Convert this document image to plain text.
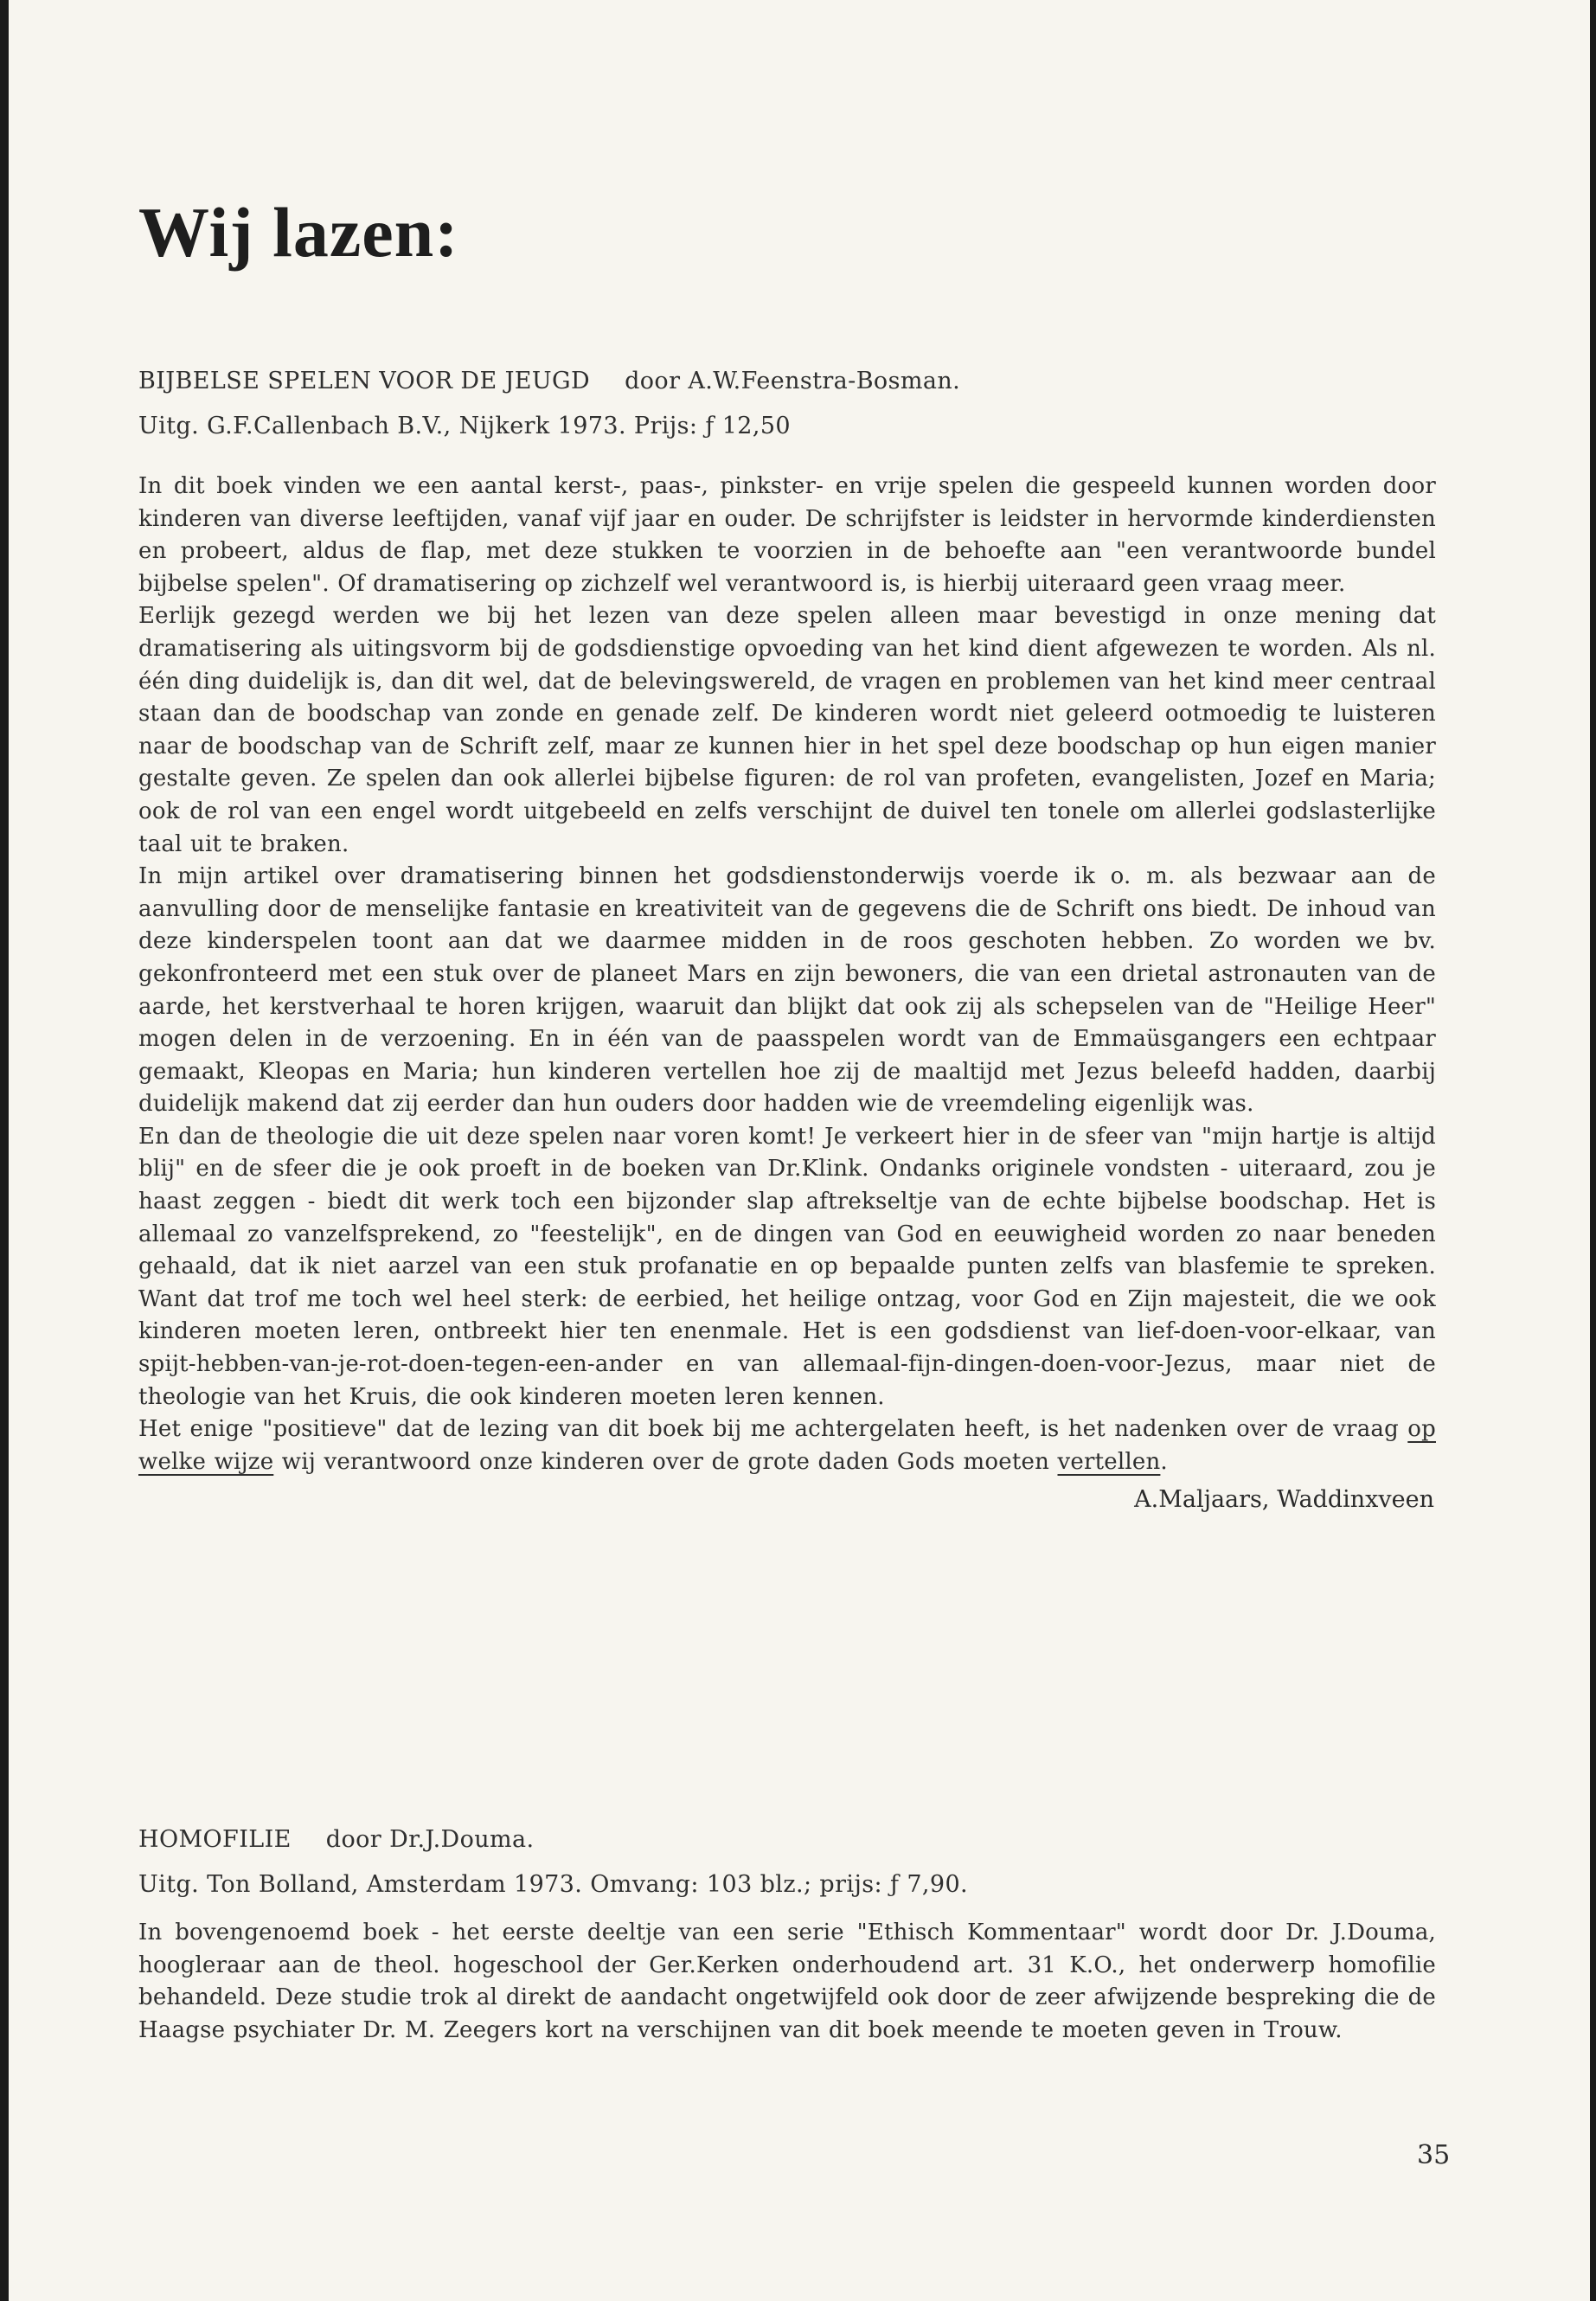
Wij lazen:

BIJBELSE SPELEN VOOR DE JEUGD door A.W.Feenstra-Bosman.

Uitg. G.F.Callenbach B.V., Nijkerk 1973. Prijs: ƒ 12,50

In dit boek vinden we een aantal kerst-, paas-, pinkster- en vrije spelen die gespeeld kunnen worden door kinderen van diverse leeftijden, vanaf vijf jaar en ouder. De schrijfster is leidster in hervormde kinderdiensten en probeert, aldus de flap, met deze stukken te voorzien in de behoefte aan "een verantwoorde bundel bijbelse spelen". Of dramatisering op zichzelf wel verantwoord is, is hierbij uiteraard geen vraag meer.

Eerlijk gezegd werden we bij het lezen van deze spelen alleen maar bevestigd in onze mening dat dramatisering als uitingsvorm bij de godsdienstige opvoeding van het kind dient afgewezen te worden. Als nl. één ding duidelijk is, dan dit wel, dat de belevingswereld, de vragen en problemen van het kind meer centraal staan dan de boodschap van zonde en genade zelf. De kinderen wordt niet geleerd ootmoedig te luisteren naar de boodschap van de Schrift zelf, maar ze kunnen hier in het spel deze boodschap op hun eigen manier gestalte geven. Ze spelen dan ook allerlei bijbelse figuren: de rol van profeten, evangelisten, Jozef en Maria; ook de rol van een engel wordt uitgebeeld en zelfs verschijnt de duivel ten tonele om allerlei godslasterlijke taal uit te braken.

In mijn artikel over dramatisering binnen het godsdienstonderwijs voerde ik o. m. als bezwaar aan de aanvulling door de menselijke fantasie en kreativiteit van de gegevens die de Schrift ons biedt. De inhoud van deze kinderspelen toont aan dat we daarmee midden in de roos geschoten hebben. Zo worden we bv. gekonfronteerd met een stuk over de planeet Mars en zijn bewoners, die van een drietal astronauten van de aarde, het kerstverhaal te horen krijgen, waaruit dan blijkt dat ook zij als schepselen van de "Heilige Heer" mogen delen in de verzoening. En in één van de paasspelen wordt van de Emmaüsgangers een echtpaar gemaakt, Kleopas en Maria; hun kinderen vertellen hoe zij de maaltijd met Jezus beleefd hadden, daarbij duidelijk makend dat zij eerder dan hun ouders door hadden wie de vreemdeling eigenlijk was.

En dan de theologie die uit deze spelen naar voren komt! Je verkeert hier in de sfeer van "mijn hartje is altijd blij" en de sfeer die je ook proeft in de boeken van Dr.Klink. Ondanks originele vondsten - uiteraard, zou je haast zeggen - biedt dit werk toch een bijzonder slap aftrekseltje van de echte bijbelse boodschap. Het is allemaal zo vanzelfsprekend, zo "feestelijk", en de dingen van God en eeuwigheid worden zo naar beneden gehaald, dat ik niet aarzel van een stuk profanatie en op bepaalde punten zelfs van blasfemie te spreken. Want dat trof me toch wel heel sterk: de eerbied, het heilige ontzag, voor God en Zijn majesteit, die we ook kinderen moeten leren, ontbreekt hier ten enenmale. Het is een godsdienst van lief-doen-voor-elkaar, van spijt-hebben-van-je-rot-doen-tegen-een-ander en van allemaal-fijn-dingen-doen-voor-Jezus, maar niet de theologie van het Kruis, die ook kinderen moeten leren kennen.

Het enige "positieve" dat de lezing van dit boek bij me achtergelaten heeft, is het nadenken over de vraag op welke wijze wij verantwoord onze kinderen over de grote daden Gods moeten vertellen.

A.Maljaars, Waddinxveen

HOMOFILIE door Dr.J.Douma.

Uitg. Ton Bolland, Amsterdam 1973. Omvang: 103 blz.; prijs: ƒ 7,90.

In bovengenoemd boek - het eerste deeltje van een serie "Ethisch Kommentaar" wordt door Dr. J.Douma, hoogleraar aan de theol. hogeschool der Ger.Kerken onderhoudend art. 31 K.O., het onderwerp homofilie behandeld. Deze studie trok al direkt de aandacht ongetwijfeld ook door de zeer afwijzende bespreking die de Haagse psychiater Dr. M. Zeegers kort na verschijnen van dit boek meende te moeten geven in Trouw.

35
